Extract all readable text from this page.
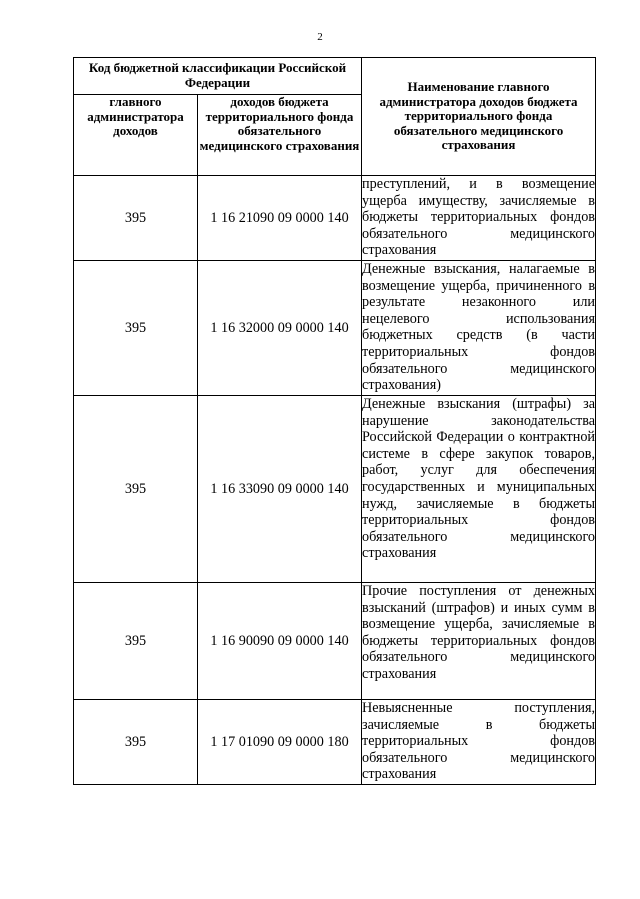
2
Код бюджетной классификации Российской Федерации		Наименование главного администратора доходов бюджета территориального фонда обязательного медицинского страхования
главного администратора доходов	доходов бюджета территориального фонда обязательного медицинского страхования	
395	1 16 21090 09 0000 140	преступлений, и в возмещение ущерба имуществу, зачисляемые в бюджеты территориальных фондов обязательного медицинского страхования
395	1 16 32000 09 0000 140	Денежные взыскания, налагаемые в возмещение ущерба, причиненного в результате незаконного или нецелевого использования бюджетных средств (в части территориальных фондов обязательного медицинского страхования)
395	1 16 33090 09 0000 140	Денежные взыскания (штрафы) за нарушение законодательства Российской Федерации о контрактной системе в сфере закупок товаров, работ, услуг для обеспечения государственных и муниципальных нужд, зачисляемые в бюджеты территориальных фондов обязательного медицинского страхования
395	1 16 90090 09 0000 140	Прочие поступления от денежных взысканий (штрафов) и иных сумм в возмещение ущерба, зачисляемые в бюджеты территориальных фондов обязательного медицинского страхования
395	1 17 01090 09 0000 180	Невыясненные поступления, зачисляемые в бюджеты территориальных фондов обязательного медицинского страхования
